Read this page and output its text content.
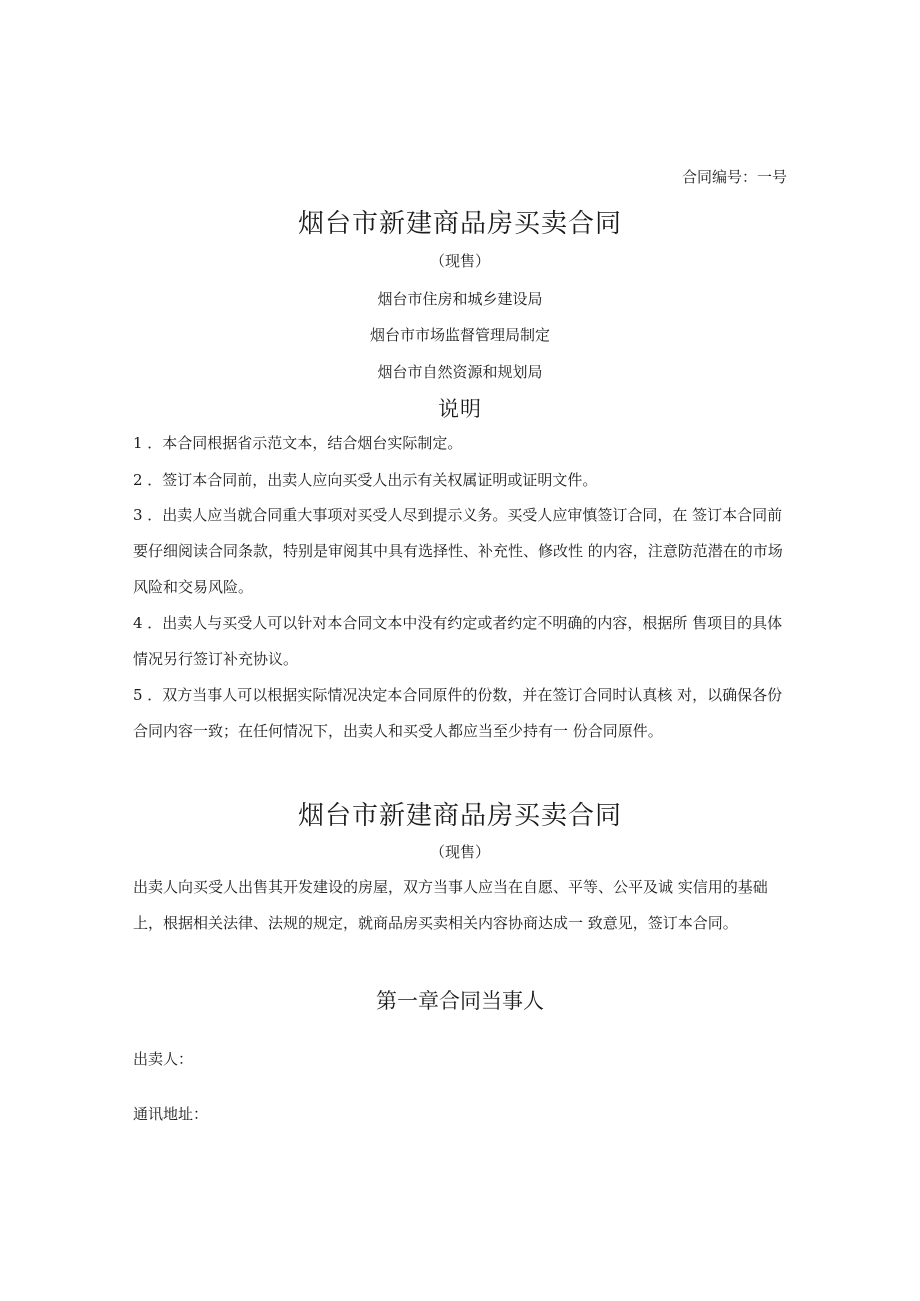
合同编号：一号
烟台市新建商品房买卖合同
（现售）
烟台市住房和城乡建设局
烟台市市场监督管理局制定
烟台市自然资源和规划局
说明
1 ．本合同根据省示范文本，结合烟台实际制定。
2 ．签订本合同前，出卖人应向买受人出示有关权属证明或证明文件。
3 ．出卖人应当就合同重大事项对买受人尽到提示义务。买受人应审慎签订合同，在 签订本合同前要仔细阅读合同条款，特别是审阅其中具有选择性、补充性、修改性 的内容，注意防范潜在的市场风险和交易风险。
4 ．出卖人与买受人可以针对本合同文本中没有约定或者约定不明确的内容，根据所 售项目的具体情况另行签订补充协议。
5 ．双方当事人可以根据实际情况决定本合同原件的份数，并在签订合同时认真核 对，以确保各份合同内容一致；在任何情况下，出卖人和买受人都应当至少持有一 份合同原件。
烟台市新建商品房买卖合同
（现售）
出卖人向买受人出售其开发建设的房屋，双方当事人应当在自愿、平等、公平及诚 实信用的基础上，根据相关法律、法规的规定，就商品房买卖相关内容协商达成一 致意见，签订本合同。
第一章合同当事人
出卖人：
通讯地址：
